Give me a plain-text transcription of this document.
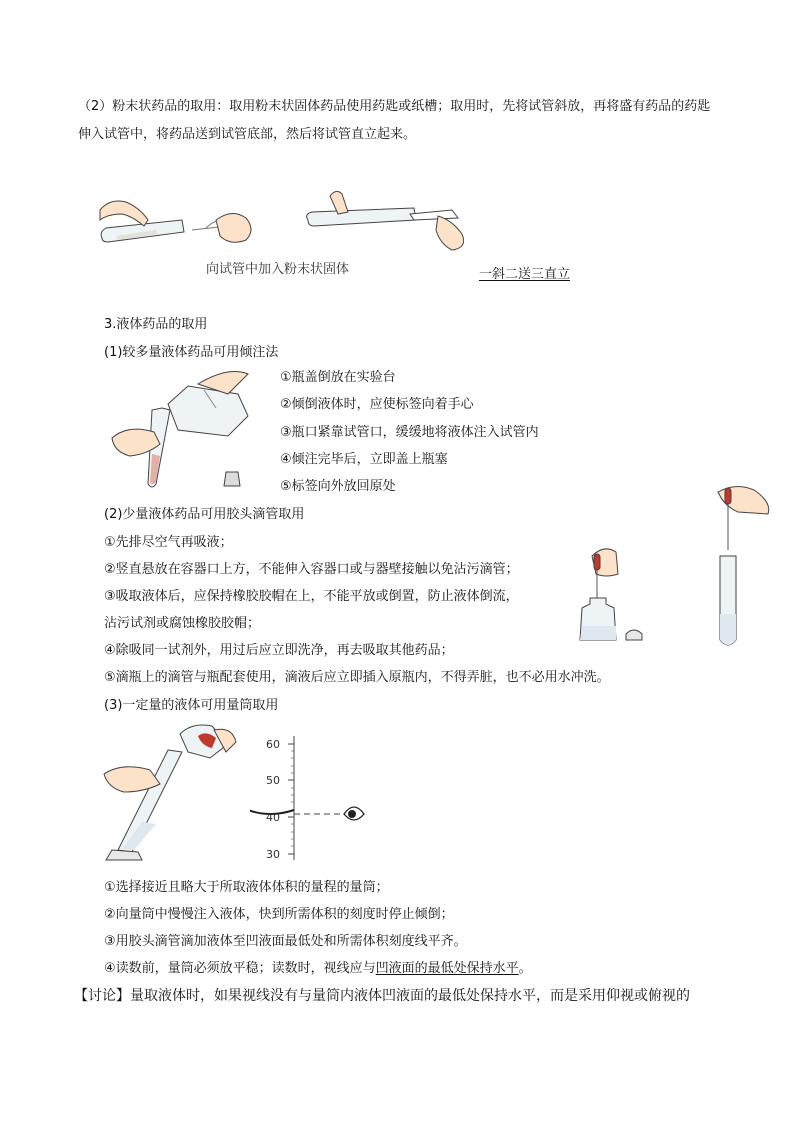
（2）粉末状药品的取用：取用粉末状固体药品使用药匙或纸槽；取用时，先将试管斜放，再将盛有药品的药匙
伸入试管中，将药品送到试管底部，然后将试管直立起来。
向试管中加入粉末状固体	一斜二送三直立
3.液体药品的取用
(1)较多量液体药品可用倾注法
①瓶盖倒放在实验台
②倾倒液体时，应使标签向着手心
③瓶口紧靠试管口，缓缓地将液体注入试管内
④倾注完毕后，立即盖上瓶塞
⑤标签向外放回原处
(2)少量液体药品可用胶头滴管取用
①先排尽空气再吸液；
②竖直悬放在容器口上方，不能伸入容器口或与器壁接触以免沾污滴管；
③吸取液体后，应保持橡胶胶帽在上，不能平放或倒置，防止液体倒流，
沾污试剂或腐蚀橡胶胶帽；
④除吸同一试剂外，用过后应立即洗净，再去吸取其他药品；
⑤滴瓶上的滴管与瓶配套使用，滴液后应立即插入原瓶内，不得弄脏，也不必用水冲洗。
(3)一定量的液体可用量筒取用
60
50
40
30
①选择接近且略大于所取液体体积的量程的量筒；
②向量筒中慢慢注入液体，快到所需体积的刻度时停止倾倒；
③用胶头滴管滴加液体至凹液面最低处和所需体积刻度线平齐。
④读数前，量筒必须放平稳；读数时，视线应与凹液面的最低处保持水平。
【讨论】量取液体时，如果视线没有与量筒内液体凹液面的最低处保持水平，而是采用仰视或俯视的
